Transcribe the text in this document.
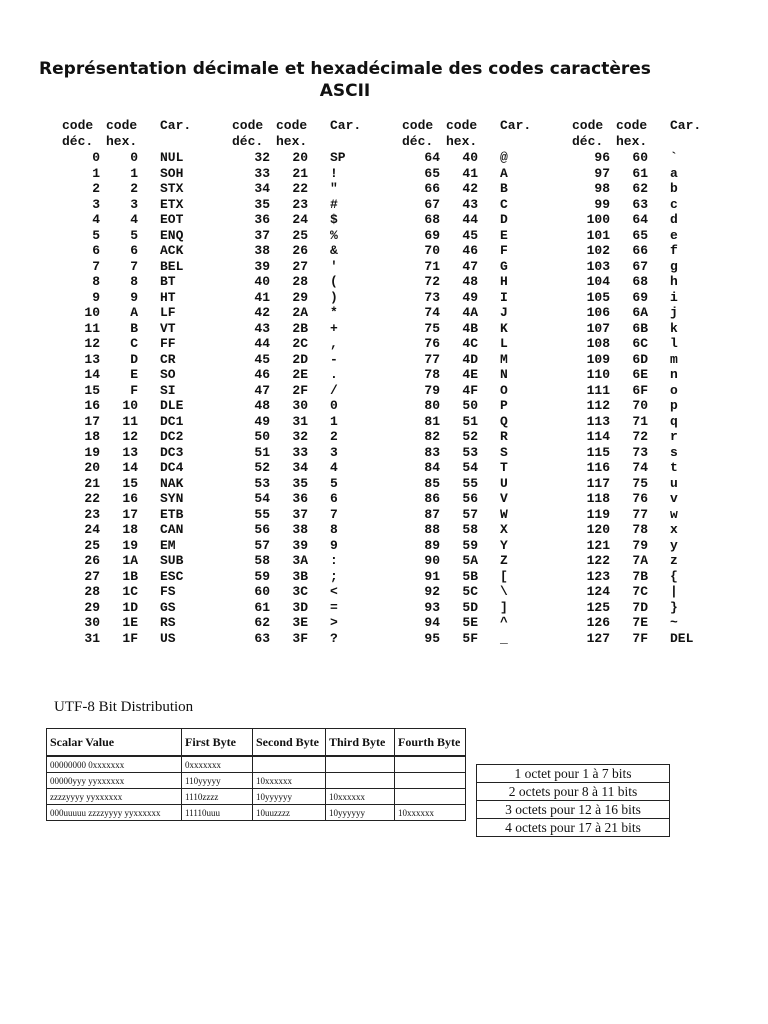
Représentation décimale et hexadécimale des codes caractères
ASCII
code
déc.
code
hex.
Car.
0	0 NUL
1	1 SOH
2	2 STX
3	3 ETX
4	4 EOT
5	5 ENQ
6	6 ACK
7	7 BEL
8	8 BT
9	9 HT
10	A LF
11	B VT
12	C FF
13	D CR
14	E SO
15	F SI
16	10 DLE
17	11 DC1
18	12 DC2
19	13 DC3
20	14 DC4
21	15 NAK
22	16 SYN
23	17 ETB
24	18 CAN
25	19 EM
26	1A SUB
27	1B ESC
28	1C FS
29	1D GS
30	1E RS
31	1F US
code
déc.
code
hex.
Car.
32	20 SP
33	21 !
34	22 "
35	23 #
36	24 $
37	25 %
38	26 &
39	27 '
40	28 (
41	29 )
42	2A *
43	2B +
44	2C ,
45	2D -
46	2E .
47	2F /
48	30 0
49	31 1
50	32 2
51	33 3
52	34 4
53	35 5
54	36 6
55	37 7
56	38 8
57	39 9
58	3A :
59	3B ;
60	3C <
61	3D =
62	3E >
63	3F ?
code
déc.
code
hex.
Car.
64	40 @
65	41 A
66	42 B
67	43 C
68	44 D
69	45 E
70	46 F
71	47 G
72	48 H
73	49 I
74	4A J
75	4B K
76	4C L
77	4D M
78	4E N
79	4F O
80	50 P
81	51 Q
82	52 R
83	53 S
84	54 T
85	55 U
86	56 V
87	57 W
88	58 X
89	59 Y
90	5A Z
91	5B [
92	5C \
93	5D ]
94	5E ^
95	5F _
code
déc.
code
hex.
Car.
96	60 `
97	61 a
98	62 b
99	63 c
100	64 d
101	65 e
102	66 f
103	67 g
104	68 h
105	69 i
106	6A j
107	6B k
108	6C l
109	6D m
110	6E n
111	6F o
112	70 p
113	71 q
114	72 r
115	73 s
116	74 t
117	75 u
118	76 v
119	77 w
120	78 x
121	79 y
122	7A z
123	7B {
124	7C |
125	7D }
126	7E ~
127	7F DEL
UTF-8 Bit Distribution
Scalar Value	First Byte	Second Byte	Third Byte	Fourth Byte
00000000 0xxxxxxx	0xxxxxxx			
00000yyy yyxxxxxx	110yyyyy	10xxxxxx		
zzzzyyyy yyxxxxxx	1110zzzz	10yyyyyy	10xxxxxx	
000uuuuu zzzzyyyy yyxxxxxx	11110uuu	10uuzzzz	10yyyyyy	10xxxxxx
1 octet pour 1 à 7 bits
2 octets pour 8 à 11 bits
3 octets pour 12 à 16 bits
4 octets pour 17 à 21 bits
